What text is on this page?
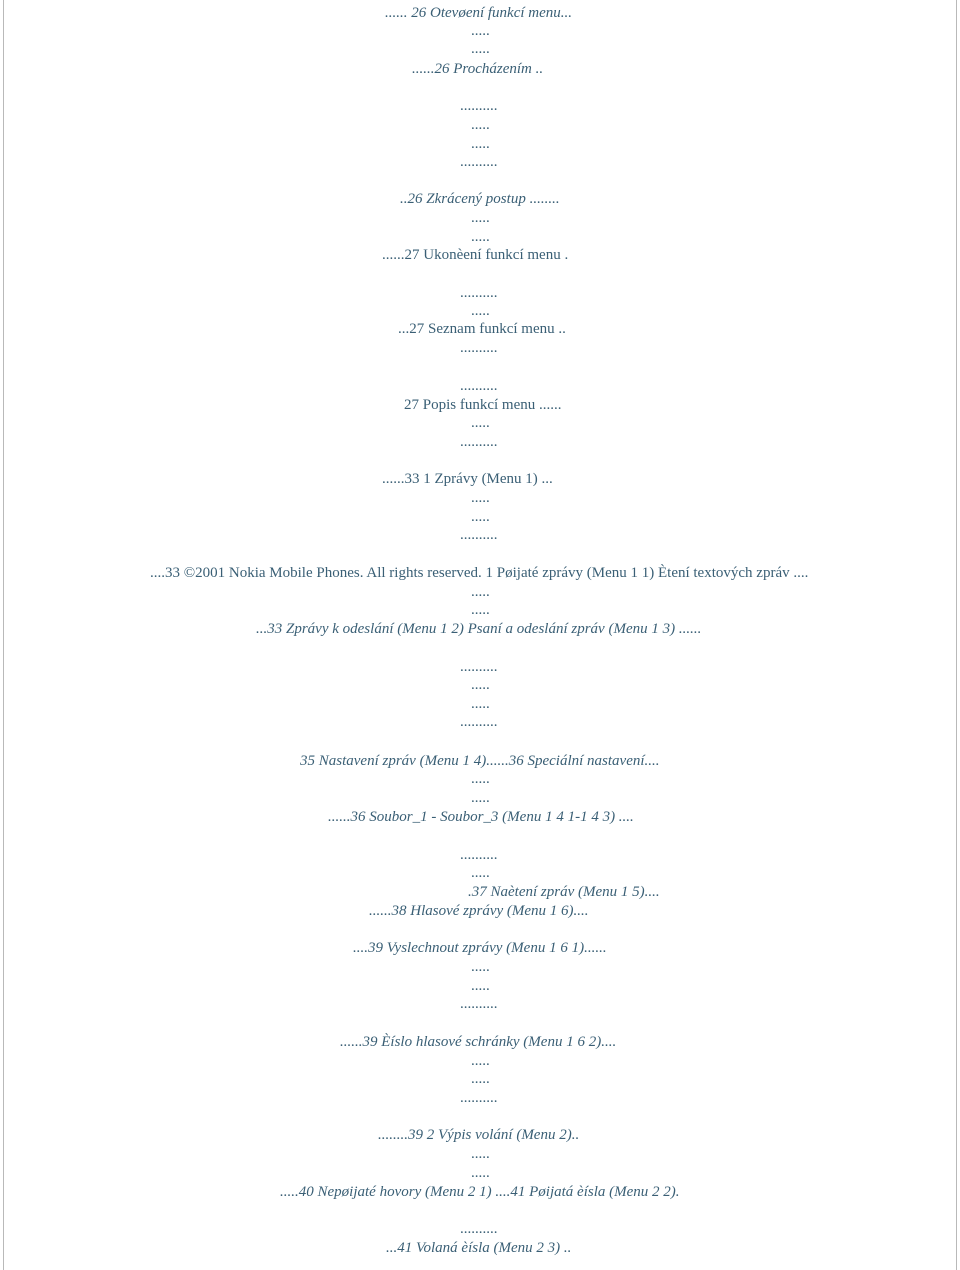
...... 26 Otevøení funkcí menu...
.....
.....
......26 Procházením ..
..........
.....
.....
..........
..26 Zkrácený postup ........
.....
.....
......27 Ukonèení funkcí menu .
..........
.....
...27 Seznam funkcí menu ..
..........
..........
27 Popis funkcí menu ......
.....
..........
......33 1 Zprávy (Menu 1) ...
.....
.....
..........
....33 ©2001 Nokia Mobile Phones. All rights reserved. 1 Pøijaté zprávy (Menu 1 1) Ètení textových zpráv ....
.....
.....
...33 Zprávy k odeslání (Menu 1 2) Psaní a odeslání zpráv (Menu 1 3) ......
..........
.....
.....
..........
35 Nastavení zpráv (Menu 1 4)......36 Speciální nastavení....
.....
.....
......36 Soubor_1 - Soubor_3 (Menu 1 4 1-1 4 3) ....
..........
.....
.37 Naètení zpráv (Menu 1 5)....
......38 Hlasové zprávy (Menu 1 6)....
....39 Vyslechnout zprávy (Menu 1 6 1)......
.....
.....
..........
......39 Èíslo hlasové schránky (Menu 1 6 2)....
.....
.....
..........
........39 2 Výpis volání (Menu 2)..
.....
.....
.....40 Nepøijaté hovory (Menu 2 1) ....41 Pøijatá èísla (Menu 2 2).
..........
...41 Volaná èísla (Menu 2 3) ..
